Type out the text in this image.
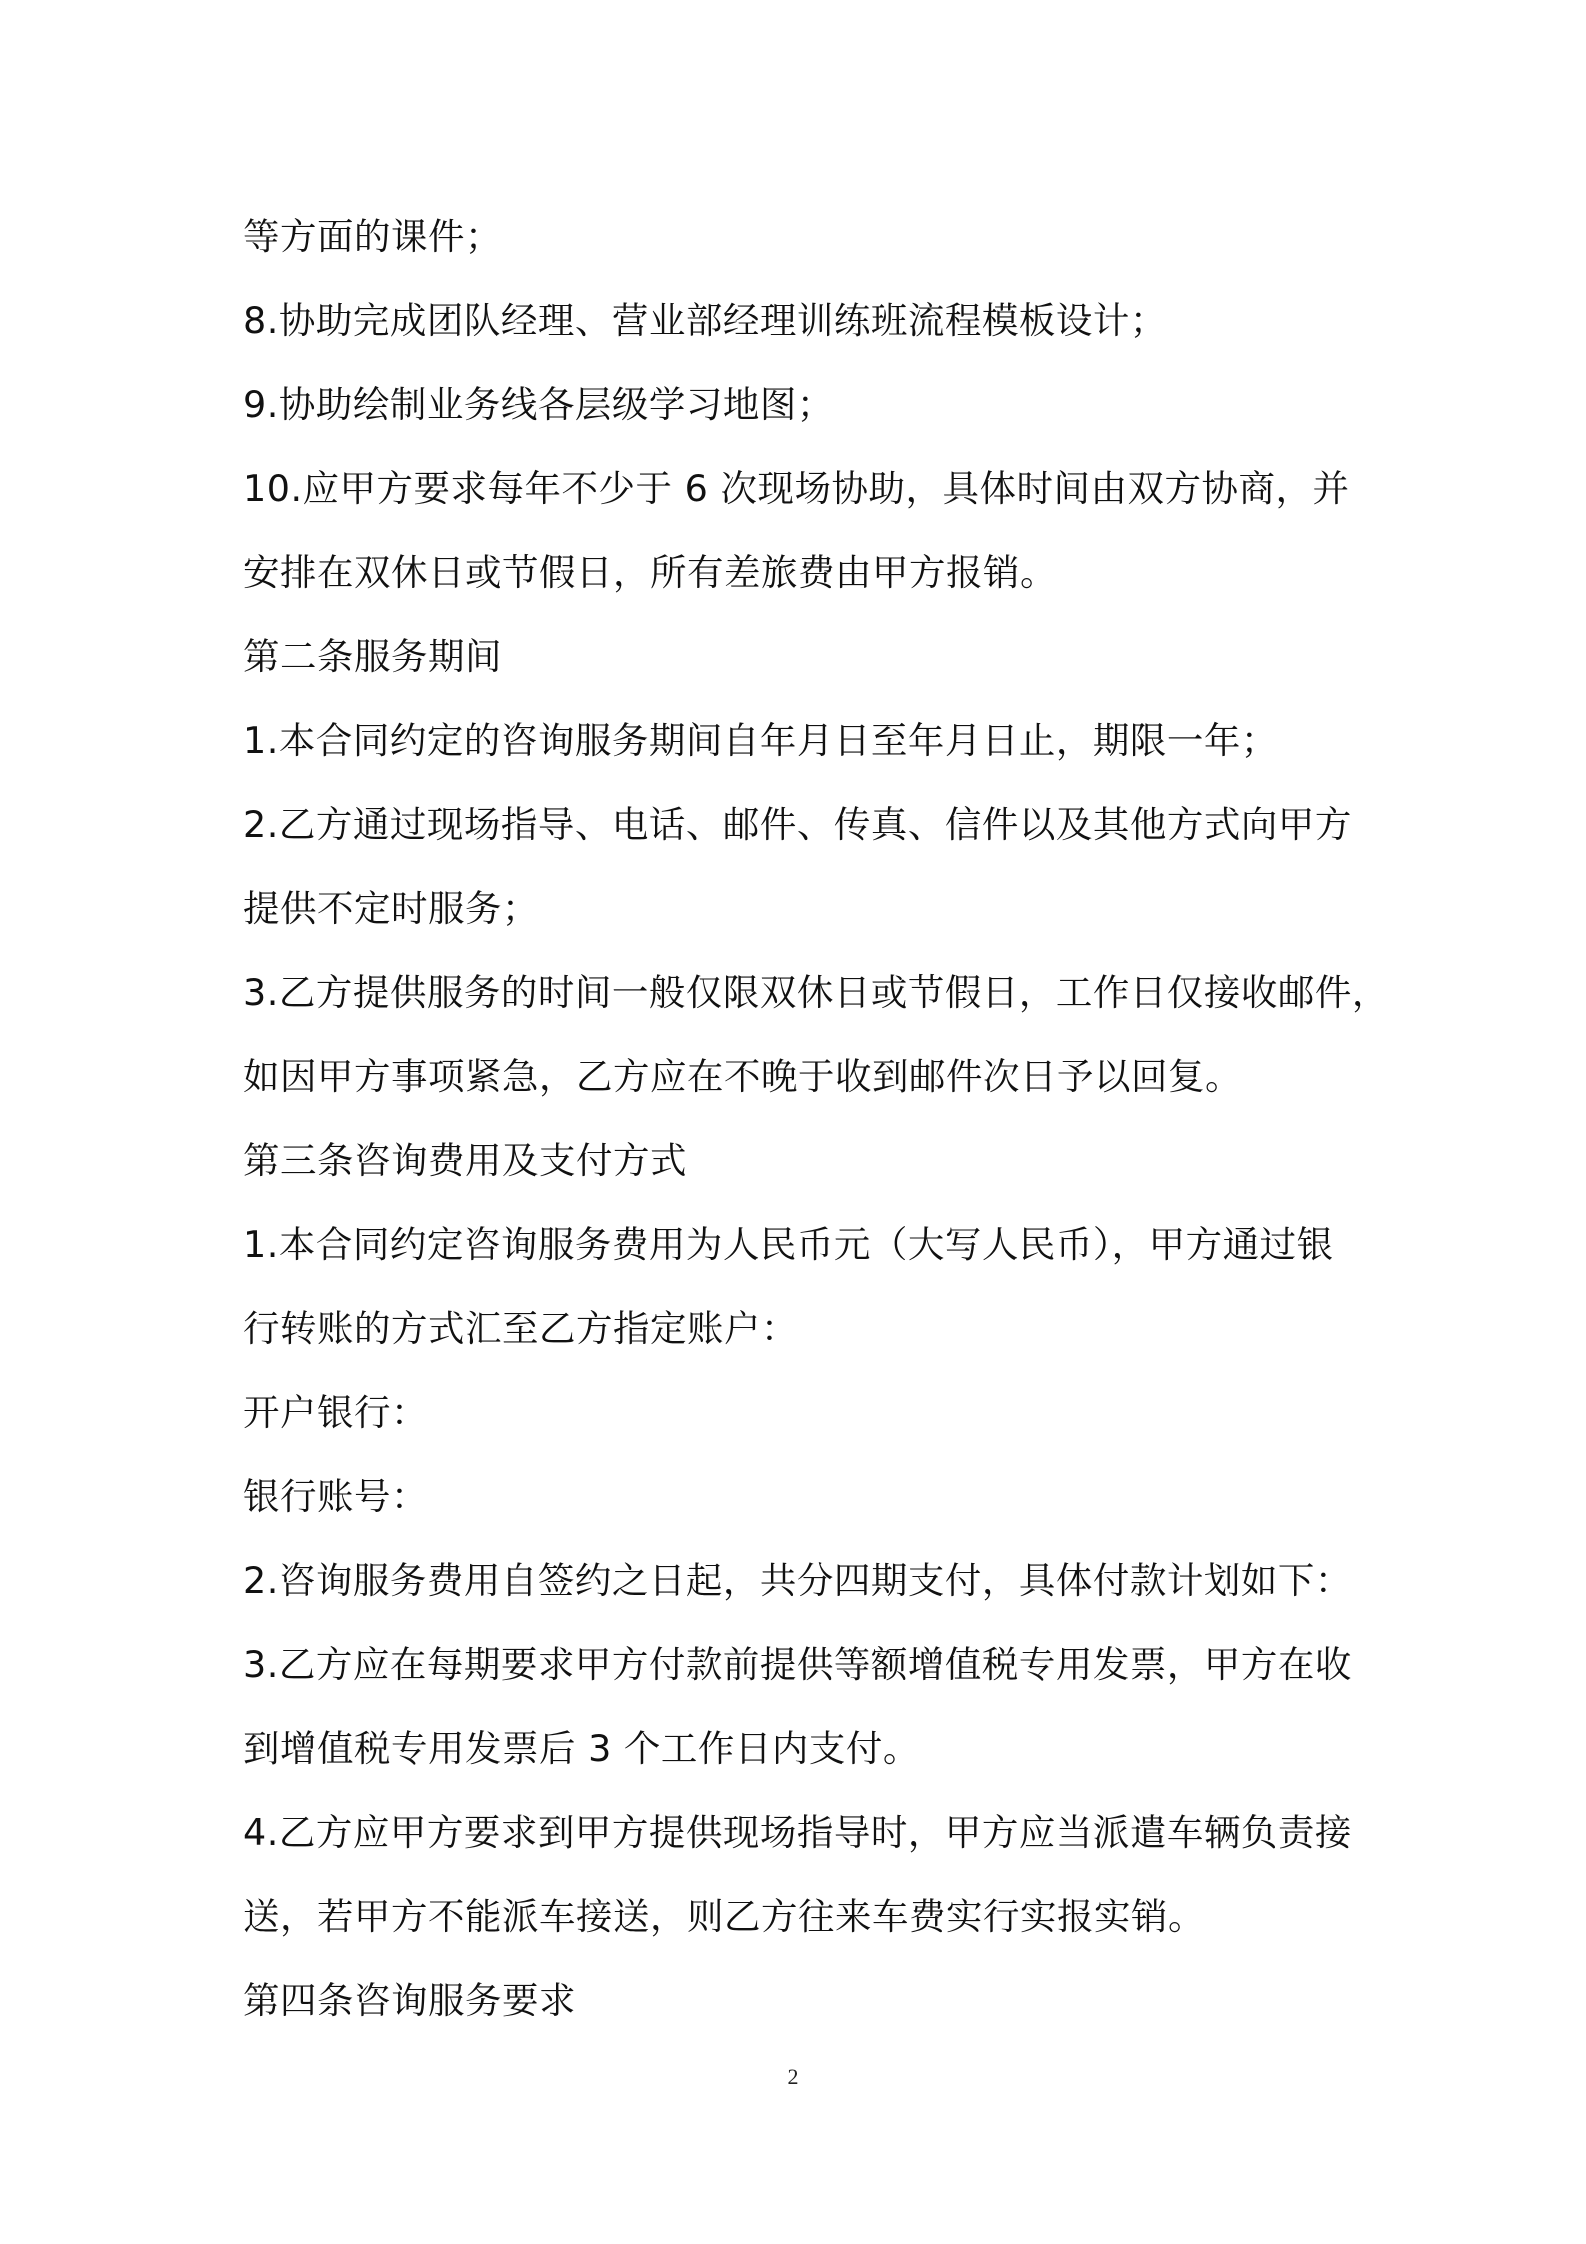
等方面的课件；
8.协助完成团队经理、营业部经理训练班流程模板设计；
9.协助绘制业务线各层级学习地图；
10.应甲方要求每年不少于 6 次现场协助，具体时间由双方协商，并
安排在双休日或节假日，所有差旅费由甲方报销。
第二条服务期间
1.本合同约定的咨询服务期间自年月日至年月日止，期限一年；
2.乙方通过现场指导、电话、邮件、传真、信件以及其他方式向甲方
提供不定时服务；
3.乙方提供服务的时间一般仅限双休日或节假日，工作日仅接收邮件，
如因甲方事项紧急，乙方应在不晚于收到邮件次日予以回复。
第三条咨询费用及支付方式
1.本合同约定咨询服务费用为人民币元（大写人民币），甲方通过银
行转账的方式汇至乙方指定账户：
开户银行：
银行账号：
2.咨询服务费用自签约之日起，共分四期支付，具体付款计划如下：
3.乙方应在每期要求甲方付款前提供等额增值税专用发票，甲方在收
到增值税专用发票后 3 个工作日内支付。
4.乙方应甲方要求到甲方提供现场指导时，甲方应当派遣车辆负责接
送，若甲方不能派车接送，则乙方往来车费实行实报实销。
第四条咨询服务要求
2
